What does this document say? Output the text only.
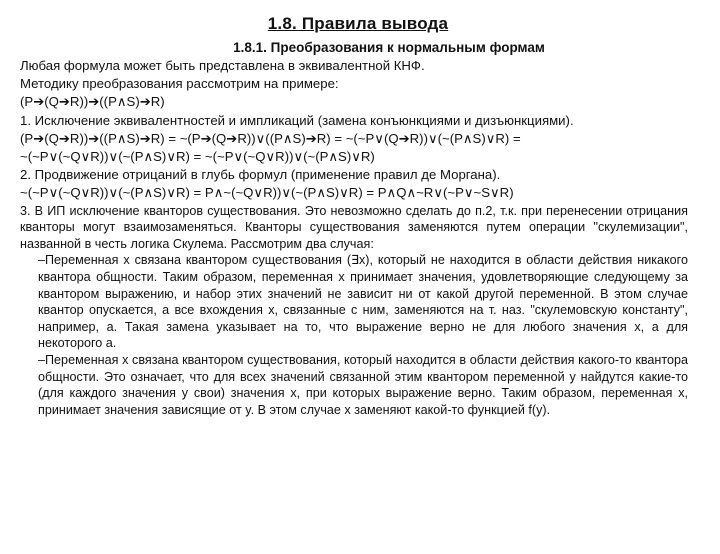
1.8. Правила вывода
1.8.1. Преобразования к нормальным формам

Любая формула может быть представлена в эквивалентной КНФ.

Методику преобразования рассмотрим на примере:

(P➔(Q➔R))➔((P∧S)➔R)

1. Исключение эквивалентностей и импликаций (замена конъюнкциями и дизъюнкциями).

(P➔(Q➔R))➔((P∧S)➔R) = ~(P➔(Q➔R))∨((P∧S)➔R) = ~(~P∨(Q➔R))∨(~(P∧S)∨R) =

~(~P∨(~Q∨R))∨(~(P∧S)∨R) = ~(~P∨(~Q∨R))∨(~(P∧S)∨R)

2. Продвижение отрицаний в глубь формул (применение правил де Моргана).

~(~P∨(~Q∨R))∨(~(P∧S)∨R) = P∧~(~Q∨R))∨(~(P∧S)∨R) = P∧Q∧~R∨(~P∨~S∨R)

3. В ИП исключение кванторов существования. Это невозможно сделать до п.2, т.к. при перенесении отрицания кванторы могут взаимозаменяться. Кванторы существования заменяются путем операции "скулемизации", названной в честь логика Скулема. Рассмотрим два случая:

–Переменная x связана квантором существования (∃x), который не находится в области действия никакого квантора общности. Таким образом, переменная x принимает значения, удовлетворяющие следующему за квантором выражению, и набор этих значений не зависит ни от какой другой переменной. В этом случае квантор опускается, а все вхождения x, связанные с ним, заменяются на т. наз. "скулемовскую константу", например, a. Такая замена указывает на то, что выражение верно не для любого значения x, а для некоторого a.

–Переменная x связана квантором существования, который находится в области действия какого-то квантора общности. Это означает, что для всех значений связанной этим квантором переменной y найдутся какие-то (для каждого значения y свои) значения x, при которых выражение верно. Таким образом, переменная x, принимает значения зависящие от y. В этом случае x заменяют какой-то функцией f(y).
